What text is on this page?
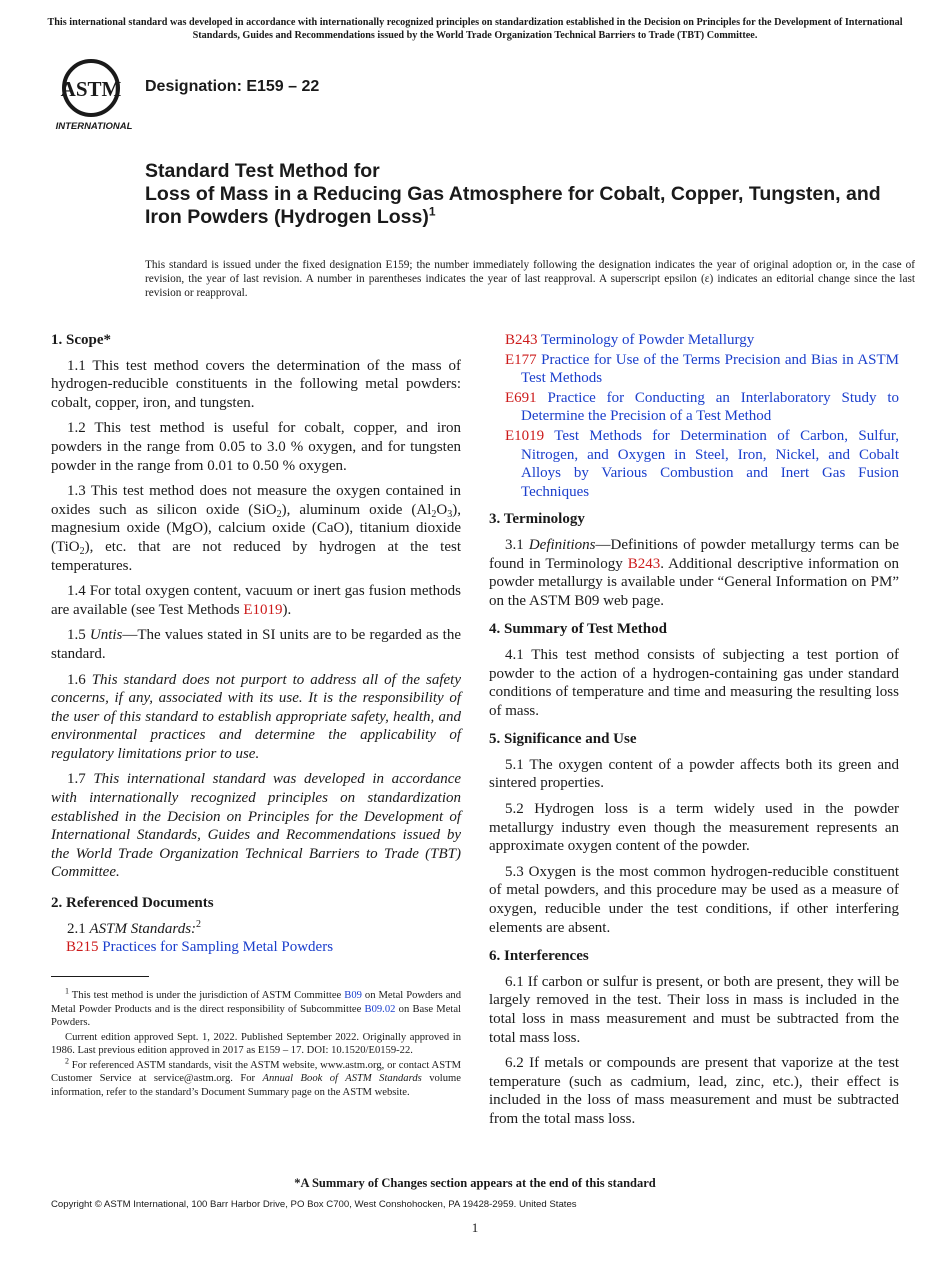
This international standard was developed in accordance with internationally recognized principles on standardization established in the Decision on Principles for the Development of International Standards, Guides and Recommendations issued by the World Trade Organization Technical Barriers to Trade (TBT) Committee.
ASTM
INTERNATIONAL
Designation: E159 – 22
Standard Test Method for
Loss of Mass in a Reducing Gas Atmosphere for Cobalt, Copper, Tungsten, and Iron Powders (Hydrogen Loss)$^1$
This standard is issued under the fixed designation E159; the number immediately following the designation indicates the year of original adoption or, in the case of revision, the year of last revision. A number in parentheses indicates the year of last reapproval. A superscript epsilon (ε) indicates an editorial change since the last revision or reapproval.
1. Scope*

1.1 This test method covers the determination of the mass of hydrogen-reducible constituents in the following metal powders: cobalt, copper, iron, and tungsten.

1.2 This test method is useful for cobalt, copper, and iron powders in the range from 0.05 to 3.0 % oxygen, and for tungsten powder in the range from 0.01 to 0.50 % oxygen.

1.3 This test method does not measure the oxygen contained in oxides such as silicon oxide (SiO$_2$), aluminum oxide $(Al_2O_3)$, magnesium oxide (MgO), calcium oxide (CaO), titanium dioxide (TiO$_2$), etc. that are not reduced by hydrogen at the test temperatures.

1.4 For total oxygen content, vacuum or inert gas fusion methods are available (see Test Methods E1019).

1.5 Untis—The values stated in SI units are to be regarded as the standard.

1.6 This standard does not purport to address all of the safety concerns, if any, associated with its use. It is the responsibility of the user of this standard to establish appropriate safety, health, and environmental practices and determine the applicability of regulatory limitations prior to use.

1.7 This international standard was developed in accordance with internationally recognized principles on standardization established in the Decision on Principles for the Development of International Standards, Guides and Recommendations issued by the World Trade Organization Technical Barriers to Trade (TBT) Committee.

2. Referenced Documents

2.1 ASTM Standards:$^2$

B215 Practices for Sampling Metal Powders

$^1$ This test method is under the jurisdiction of ASTM Committee B09 on Metal Powders and Metal Powder Products and is the direct responsibility of Subcommittee B09.02 on Base Metal Powders.

Current edition approved Sept. 1, 2022. Published September 2022. Originally approved in 1986. Last previous edition approved in 2017 as E159 – 17. DOI: 10.1520/E0159-22.

$^2$ For referenced ASTM standards, visit the ASTM website, www.astm.org, or contact ASTM Customer Service at service@astm.org. For Annual Book of ASTM Standards volume information, refer to the standard’s Document Summary page on the ASTM website.

B243 Terminology of Powder Metallurgy
E177 Practice for Use of the Terms Precision and Bias in ASTM Test Methods
E691 Practice for Conducting an Interlaboratory Study to Determine the Precision of a Test Method
E1019 Test Methods for Determination of Carbon, Sulfur, Nitrogen, and Oxygen in Steel, Iron, Nickel, and Cobalt Alloys by Various Combustion and Inert Gas Fusion Techniques
3. Terminology

3.1 Definitions—Definitions of powder metallurgy terms can be found in Terminology B243. Additional descriptive information on powder metallurgy is available under “General Information on PM” on the ASTM B09 web page.

4. Summary of Test Method

4.1 This test method consists of subjecting a test portion of powder to the action of a hydrogen-containing gas under standard conditions of temperature and time and measuring the resulting loss of mass.

5. Significance and Use

5.1 The oxygen content of a powder affects both its green and sintered properties.

5.2 Hydrogen loss is a term widely used in the powder metallurgy industry even though the measurement represents an approximate oxygen content of the powder.

5.3 Oxygen is the most common hydrogen-reducible constituent of metal powders, and this procedure may be used as a measure of oxygen, reducible under the test conditions, if other interfering elements are absent.

6. Interferences

6.1 If carbon or sulfur is present, or both are present, they will be largely removed in the test. Their loss in mass is included in the total loss in mass measurement and must be subtracted from the total mass loss.

6.2 If metals or compounds are present that vaporize at the test temperature (such as cadmium, lead, zinc, etc.), their effect is included in the loss of mass measurement and must be subtracted from the total mass loss.

*A Summary of Changes section appears at the end of this standard
Copyright © ASTM International, 100 Barr Harbor Drive, PO Box C700, West Conshohocken, PA 19428-2959. United States
1
